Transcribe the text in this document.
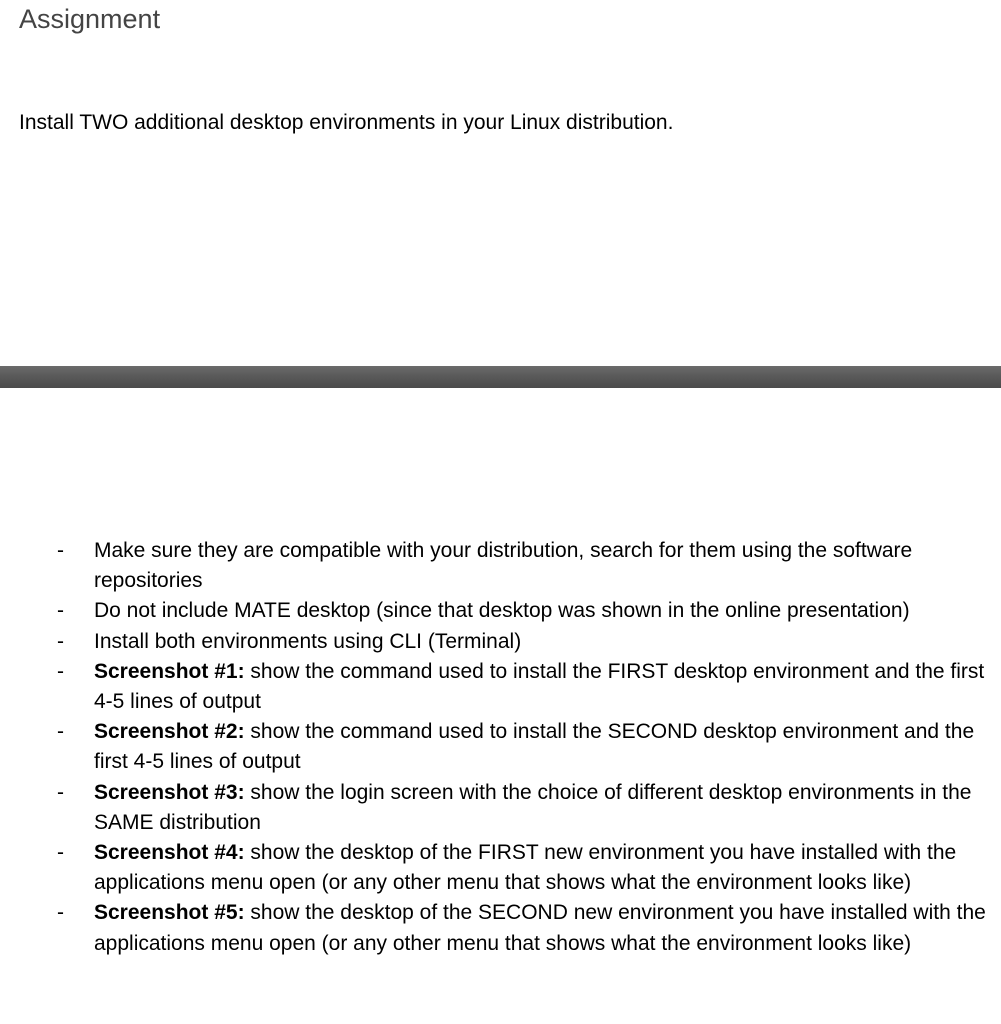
Assignment
Install TWO additional desktop environments in your Linux distribution.
- Make sure they are compatible with your distribution, search for them using the software repositories
- Do not include MATE desktop (since that desktop was shown in the online presentation)
- Install both environments using CLI (Terminal)
- Screenshot #1: show the command used to install the FIRST desktop environment and the first 4-5 lines of output
- Screenshot #2: show the command used to install the SECOND desktop environment and the first 4-5 lines of output
- Screenshot #3: show the login screen with the choice of different desktop environments in the SAME distribution
- Screenshot #4: show the desktop of the FIRST new environment you have installed with the applications menu open (or any other menu that shows what the environment looks like)
- Screenshot #5: show the desktop of the SECOND new environment you have installed with the applications menu open (or any other menu that shows what the environment looks like)
